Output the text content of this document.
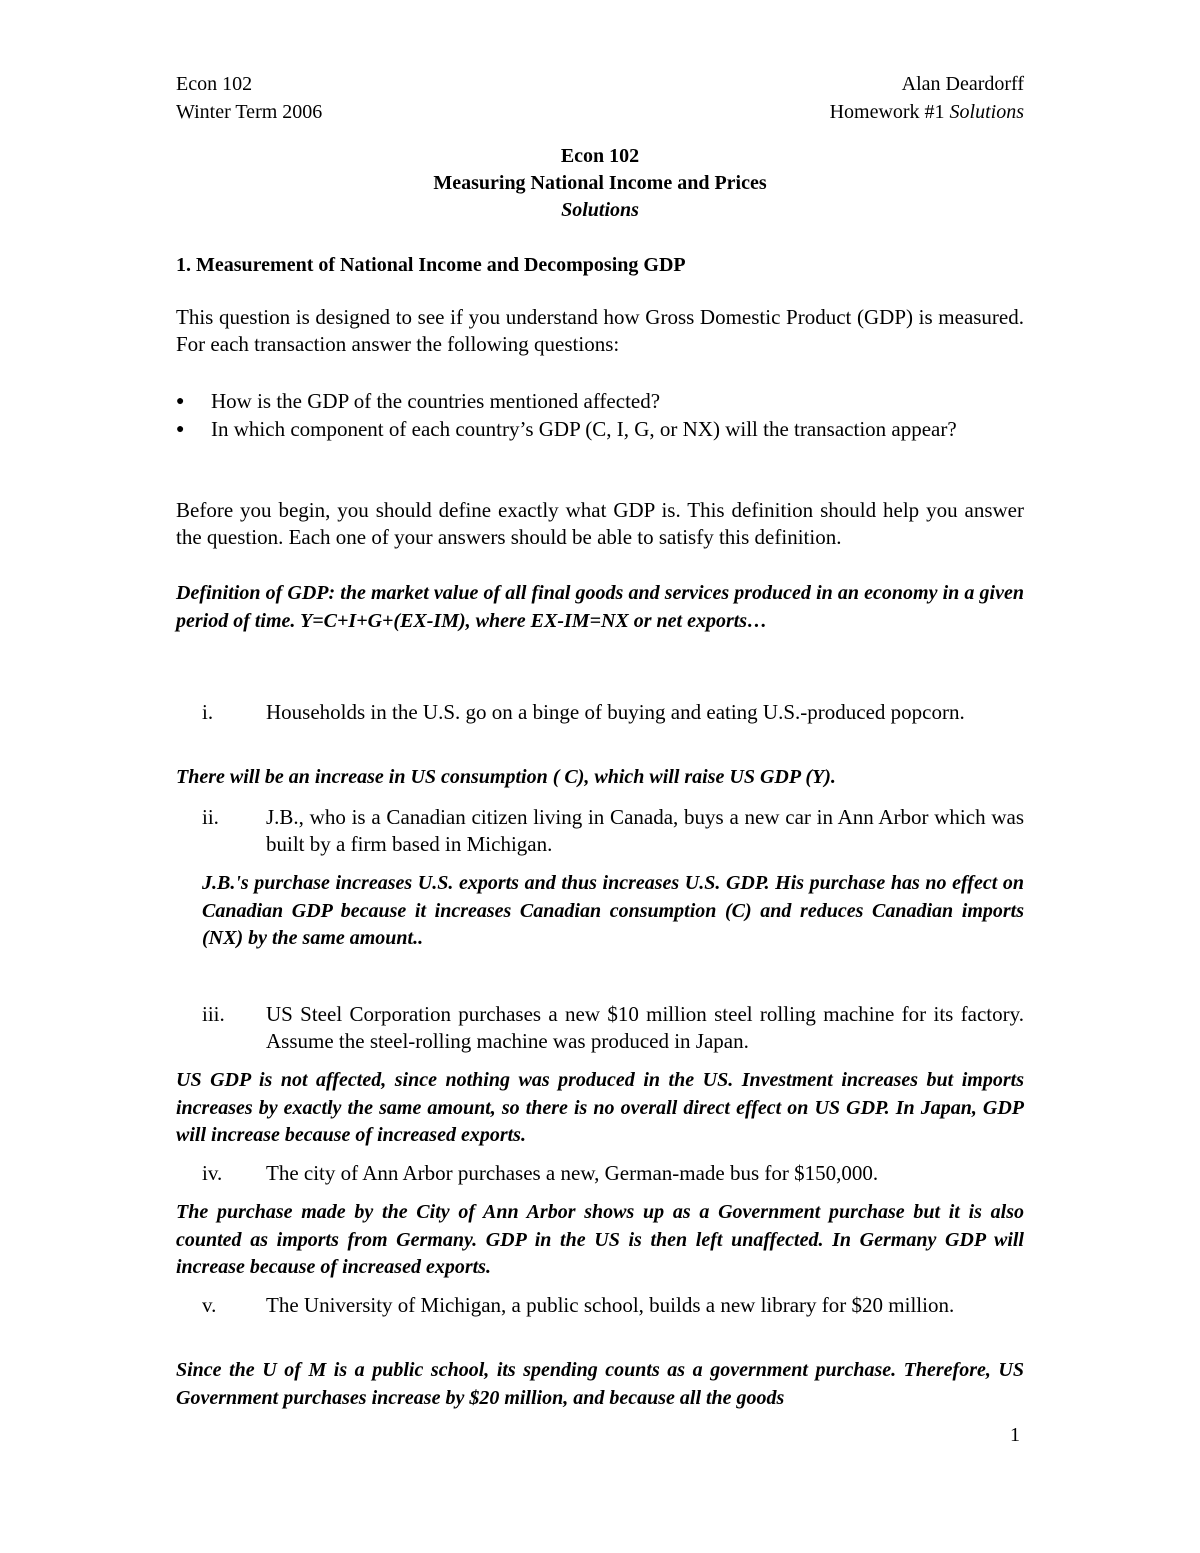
Econ 102	Alan Deardorff
Winter Term 2006	Homework #1 Solutions
Econ 102
Measuring National Income and Prices
Solutions
1. Measurement of National Income and Decomposing GDP

This question is designed to see if you understand how Gross Domestic Product (GDP) is measured. For each transaction answer the following questions:

●	How is the GDP of the countries mentioned affected?
●	In which component of each country’s GDP (C, I, G, or NX) will the transaction appear?

Before you begin, you should define exactly what GDP is. This definition should help you answer the question. Each one of your answers should be able to satisfy this definition.

Definition of GDP: the market value of all final goods and services produced in an economy in a given period of time. Y=C+I+G+(EX-IM), where EX-IM=NX or net exports…

i.	Households in the U.S. go on a binge of buying and eating U.S.-produced popcorn.

There will be an increase in US consumption ( C), which will raise US GDP (Y).

ii.	J.B., who is a Canadian citizen living in Canada, buys a new car in Ann Arbor which was built by a firm based in Michigan.

J.B.'s purchase increases U.S. exports and thus increases U.S. GDP. His purchase has no effect on Canadian GDP because it increases Canadian consumption (C) and reduces Canadian imports (NX) by the same amount..

iii.	US Steel Corporation purchases a new $10 million steel rolling machine for its factory. Assume the steel-rolling machine was produced in Japan.

US GDP is not affected, since nothing was produced in the US. Investment increases but imports increases by exactly the same amount, so there is no overall direct effect on US GDP. In Japan, GDP will increase because of increased exports.

iv.	The city of Ann Arbor purchases a new, German-made bus for $150,000.

The purchase made by the City of Ann Arbor shows up as a Government purchase but it is also counted as imports from Germany. GDP in the US is then left unaffected. In Germany GDP will increase because of increased exports.

v.	The University of Michigan, a public school, builds a new library for $20 million.

Since the U of M is a public school, its spending counts as a government purchase. Therefore, US Government purchases increase by $20 million, and because all the goods

1
